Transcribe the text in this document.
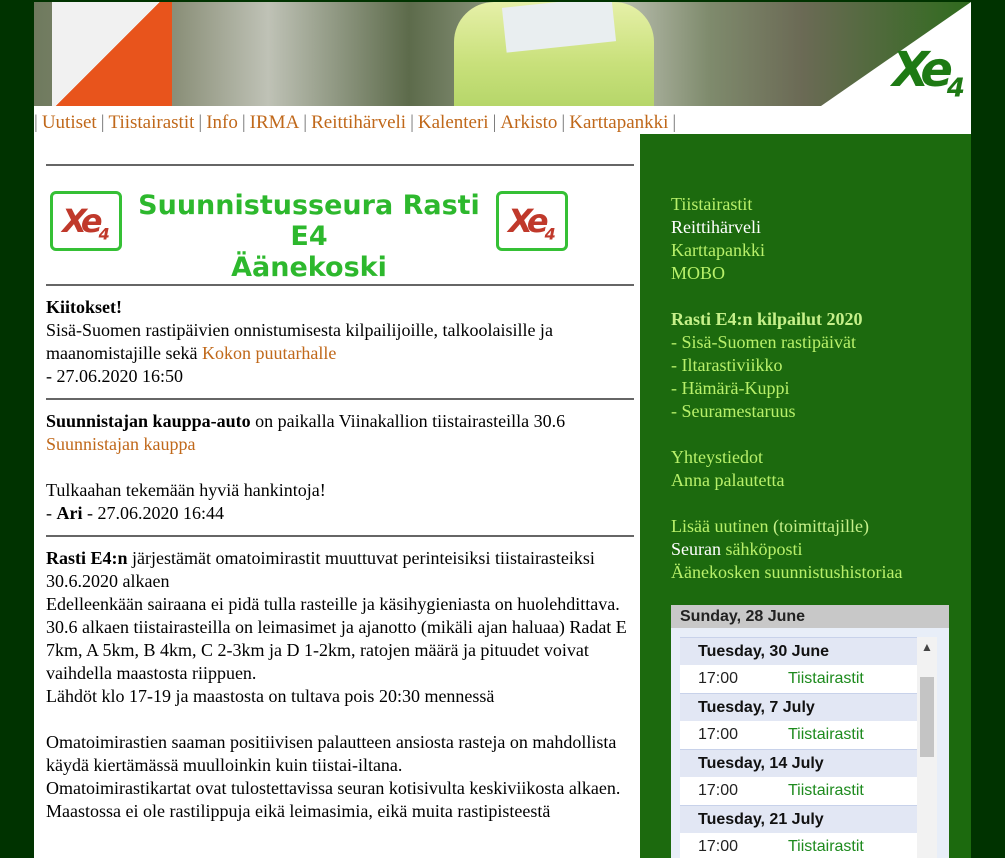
$Xe_4$
| Uutiset | Tiistairastit | Info | IRMA | Reittihärveli | Kalenteri | Arkisto | Karttapankki |
$Xe_4$
Suunnistusseura Rasti E4
Äänekoski
$Xe_4$
Kiitokset!
Sisä-Suomen rastipäivien onnistumisesta kilpailijoille, talkoolaisille ja maanomistajille sekä Kokon puutarhalle
- 27.06.2020 16:50
Suunnistajan kauppa-auto on paikalla Viinakallion tiistairasteilla 30.6
Suunnistajan kauppa

Tulkaahan tekemään hyviä hankintoja!
- Ari - 27.06.2020 16:44
Rasti E4:n järjestämät omatoimirastit muuttuvat perinteisiksi tiistairasteiksi 30.6.2020 alkaen
Edelleenkään sairaana ei pidä tulla rasteille ja käsihygieniasta on huolehdittava.
30.6 alkaen tiistairasteilla on leimasimet ja ajanotto (mikäli ajan haluaa) Radat E 7km, A 5km, B 4km, C 2-3km ja D 1-2km, ratojen määrä ja pituudet voivat vaihdella maastosta riippuen.
Lähdöt klo 17-19 ja maastosta on tultava pois 20:30 mennessä

Omatoimirastien saaman positiivisen palautteen ansiosta rasteja on mahdollista käydä kiertämässä muulloinkin kuin tiistai-iltana.
Omatoimirastikartat ovat tulostettavissa seuran kotisivulta keskiviikosta alkaen.
Maastossa ei ole rastilippuja eikä leimasimia, eikä muita rastipisteestä
Tiistairastit
Reittihärveli
Karttapankki
MOBO
Rasti E4:n kilpailut 2020
- Sisä-Suomen rastipäivät
- Iltarastiviikko
- Hämärä-Kuppi
- Seuramestaruus
Yhteystiedot
Anna palautetta
Lisää uutinen (toimittajille)
Seuran sähköposti
Äänekosken suunnistushistoriaa
Sunday, 28 June
Tuesday, 30 June
17:00	Tiistairastit
Tuesday, 7 July
17:00	Tiistairastit
Tuesday, 14 July
17:00	Tiistairastit
Tuesday, 21 July
17:00	Tiistairastit
▲
